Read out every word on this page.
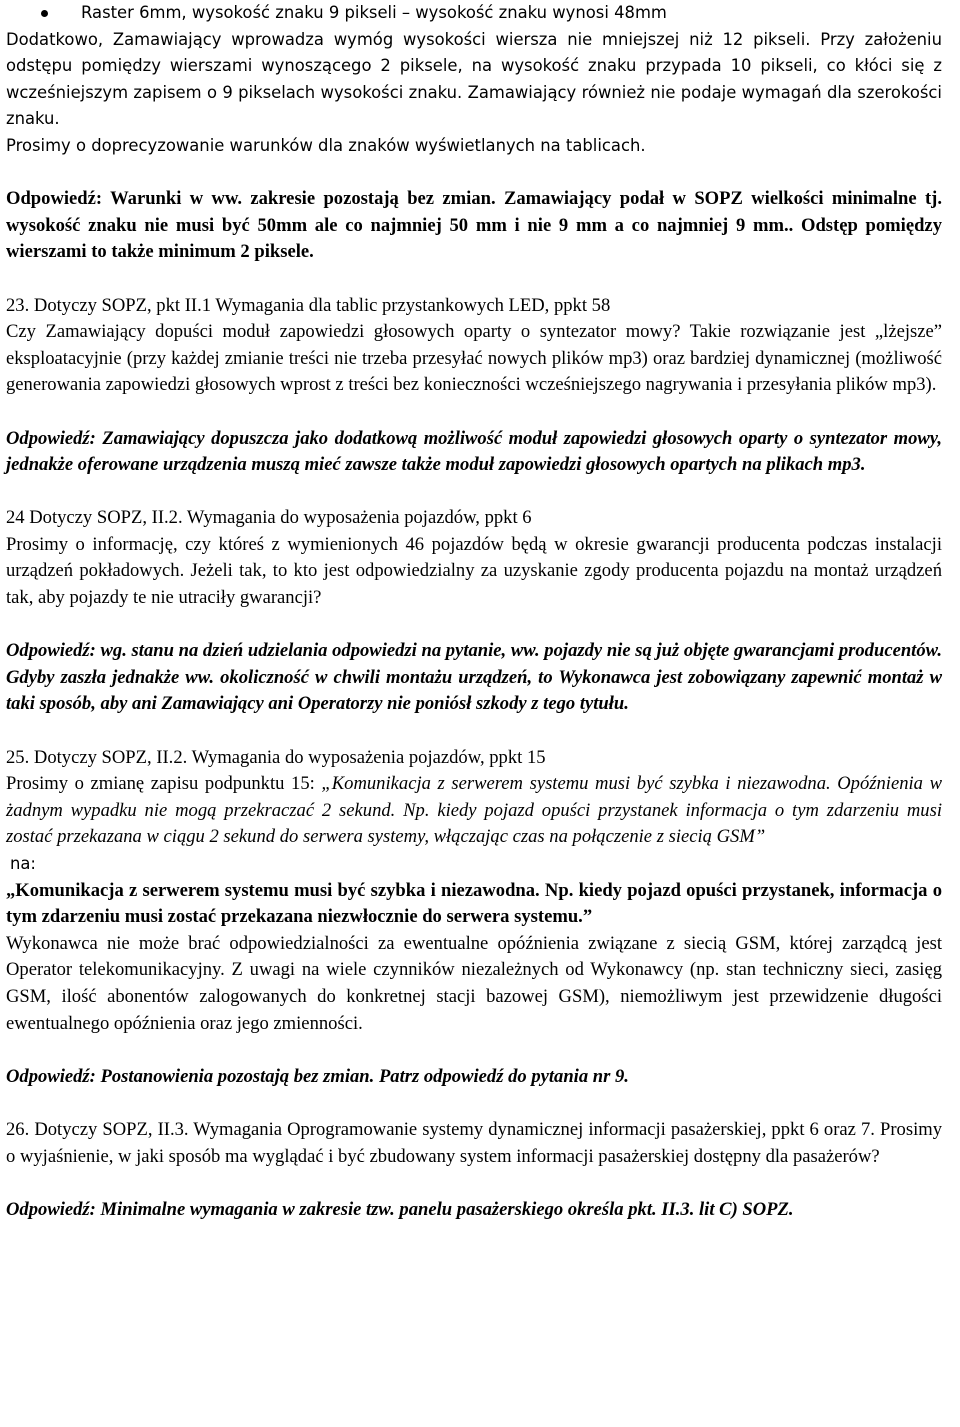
Raster 6mm, wysokość znaku 9 pikseli – wysokość znaku wynosi 48mm

Dodatkowo, Zamawiający wprowadza wymóg wysokości wiersza nie mniejszej niż 12 pikseli. Przy założeniu odstępu pomiędzy wierszami wynoszącego 2 piksele, na wysokość znaku przypada 10 pikseli, co kłóci się z wcześniejszym zapisem o 9 pikselach wysokości znaku. Zamawiający również nie podaje wymagań dla szerokości znaku.

Prosimy o doprecyzowanie warunków dla znaków wyświetlanych na tablicach.

Odpowiedź: Warunki w ww. zakresie pozostają bez zmian. Zamawiający podał w SOPZ wielkości minimalne tj. wysokość znaku nie musi być 50mm ale co najmniej 50 mm i nie 9 mm a co najmniej 9 mm.. Odstęp pomiędzy wierszami to także minimum 2 piksele.

23. Dotyczy SOPZ, pkt II.1 Wymagania dla tablic przystankowych LED, ppkt 58

Czy Zamawiający dopuści moduł zapowiedzi głosowych oparty o syntezator mowy? Takie rozwiązanie jest „lżejsze” eksploatacyjnie (przy każdej zmianie treści nie trzeba przesyłać nowych plików mp3) oraz bardziej dynamicznej (możliwość generowania zapowiedzi głosowych wprost z treści bez konieczności wcześniejszego nagrywania i przesyłania plików mp3).

Odpowiedź: Zamawiający dopuszcza jako dodatkową możliwość moduł zapowiedzi głosowych oparty o syntezator mowy, jednakże oferowane urządzenia muszą mieć zawsze także moduł zapowiedzi głosowych opartych na plikach mp3.

24 Dotyczy SOPZ, II.2. Wymagania do wyposażenia pojazdów, ppkt 6

Prosimy o informację, czy któreś z wymienionych 46 pojazdów będą w okresie gwarancji producenta podczas instalacji urządzeń pokładowych. Jeżeli tak, to kto jest odpowiedzialny za uzyskanie zgody producenta pojazdu na montaż urządzeń tak, aby pojazdy te nie utraciły gwarancji?

Odpowiedź: wg. stanu na dzień udzielania odpowiedzi na pytanie, ww. pojazdy nie są już objęte gwarancjami producentów. Gdyby zaszła jednakże ww. okoliczność w chwili montażu urządzeń, to Wykonawca jest zobowiązany zapewnić montaż w taki sposób, aby ani Zamawiający ani Operatorzy nie poniósł szkody z tego tytułu.

25. Dotyczy SOPZ, II.2. Wymagania do wyposażenia pojazdów, ppkt 15

Prosimy o zmianę zapisu podpunktu 15: „Komunikacja z serwerem systemu musi być szybka i niezawodna. Opóźnienia w żadnym wypadku nie mogą przekraczać 2 sekund. Np. kiedy pojazd opuści przystanek informacja o tym zdarzeniu musi zostać przekazana w ciągu 2 sekund do serwera systemy, włączając czas na połączenie z siecią GSM”

na:

„Komunikacja z serwerem systemu musi być szybka i niezawodna. Np. kiedy pojazd opuści przystanek, informacja o tym zdarzeniu musi zostać przekazana niezwłocznie do serwera systemu.”

Wykonawca nie może brać odpowiedzialności za ewentualne opóźnienia związane z siecią GSM, której zarządcą jest Operator telekomunikacyjny. Z uwagi na wiele czynników niezależnych od Wykonawcy (np. stan techniczny sieci, zasięg GSM, ilość abonentów zalogowanych do konkretnej stacji bazowej GSM), niemożliwym jest przewidzenie długości ewentualnego opóźnienia oraz jego zmienności.

Odpowiedź: Postanowienia pozostają bez zmian. Patrz odpowiedź do pytania nr 9.

26. Dotyczy SOPZ, II.3. Wymagania Oprogramowanie systemy dynamicznej informacji pasażerskiej, ppkt 6 oraz 7. Prosimy o wyjaśnienie, w jaki sposób ma wyglądać i być zbudowany system informacji pasażerskiej dostępny dla pasażerów?

Odpowiedź: Minimalne wymagania w zakresie tzw. panelu pasażerskiego określa pkt. II.3. lit C) SOPZ.
